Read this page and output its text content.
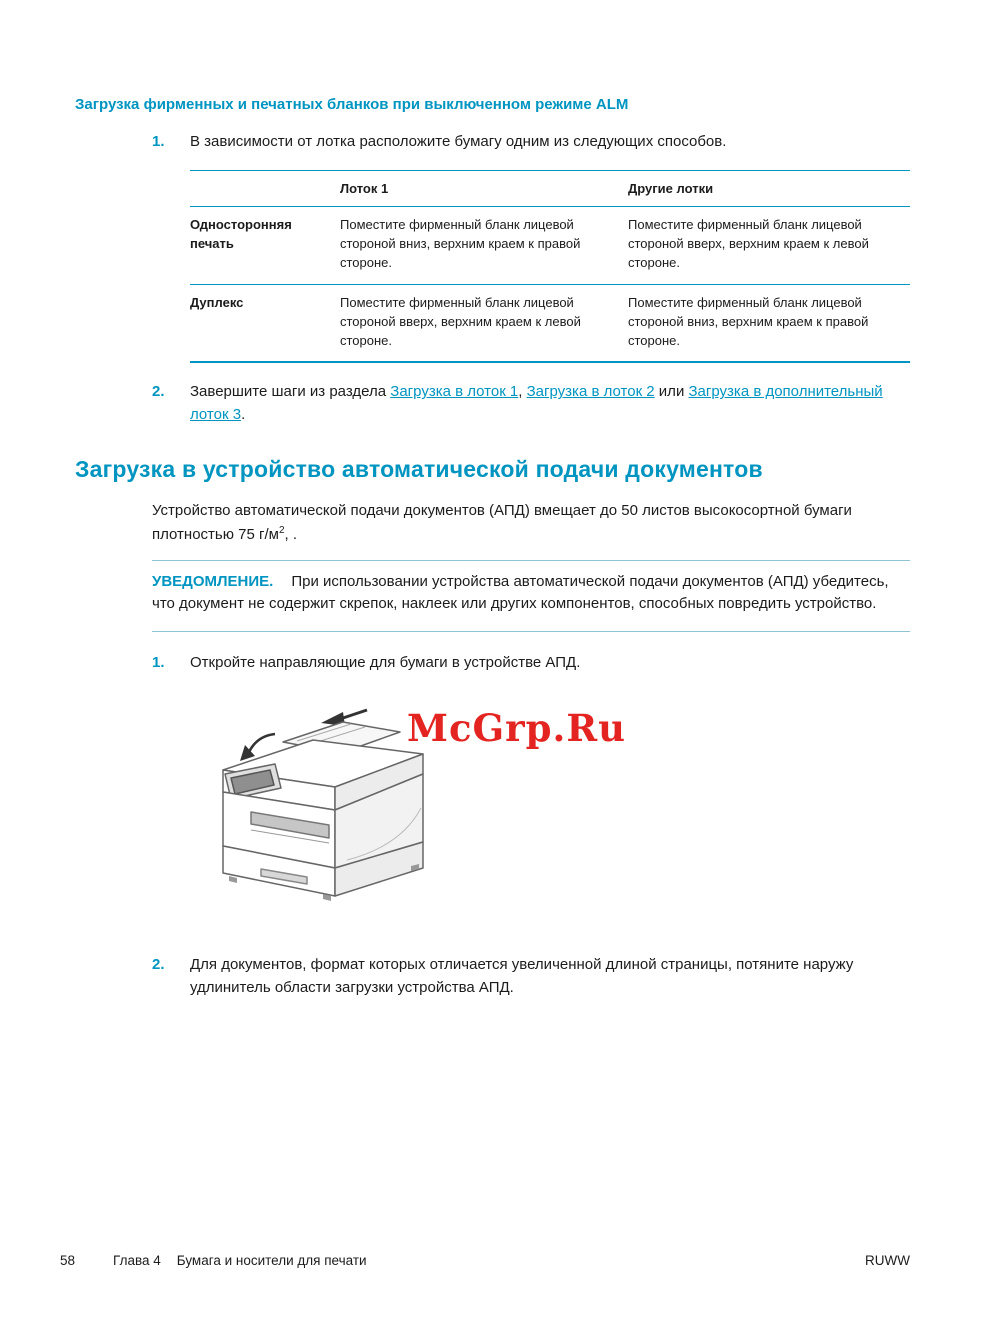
Загрузка фирменных и печатных бланков при выключенном режиме ALM
1.	В зависимости от лотка расположите бумагу одним из следующих способов.
	Лоток 1	Другие лотки
Односторонняя печать	Поместите фирменный бланк лицевой стороной вниз, верхним краем к правой стороне.	Поместите фирменный бланк лицевой стороной вверх, верхним краем к левой стороне.
Дуплекс	Поместите фирменный бланк лицевой стороной вверх, верхним краем к левой стороне.	Поместите фирменный бланк лицевой стороной вниз, верхним краем к правой стороне.
2.	Завершите шаги из раздела Загрузка в лоток 1, Загрузка в лоток 2 или Загрузка в дополнительный лоток 3.
Загрузка в устройство автоматической подачи документов

Устройство автоматической подачи документов (АПД) вмещает до 50 листов высокосортной бумаги плотностью 75 $г/м^2$, .

УВЕДОМЛЕНИЕ. При использовании устройства автоматической подачи документов (АПД) убедитесь, что документ не содержит скрепок, наклеек или других компонентов, способных повредить устройство.
1.	Откройте направляющие для бумаги в устройстве АПД.
McGrp.Ru
2.	Для документов, формат которых отличается увеличенной длиной страницы, потяните наружу удлинитель области загрузки устройства АПД.
58	Глава 4 Бумага и носители для печати	RUWW
